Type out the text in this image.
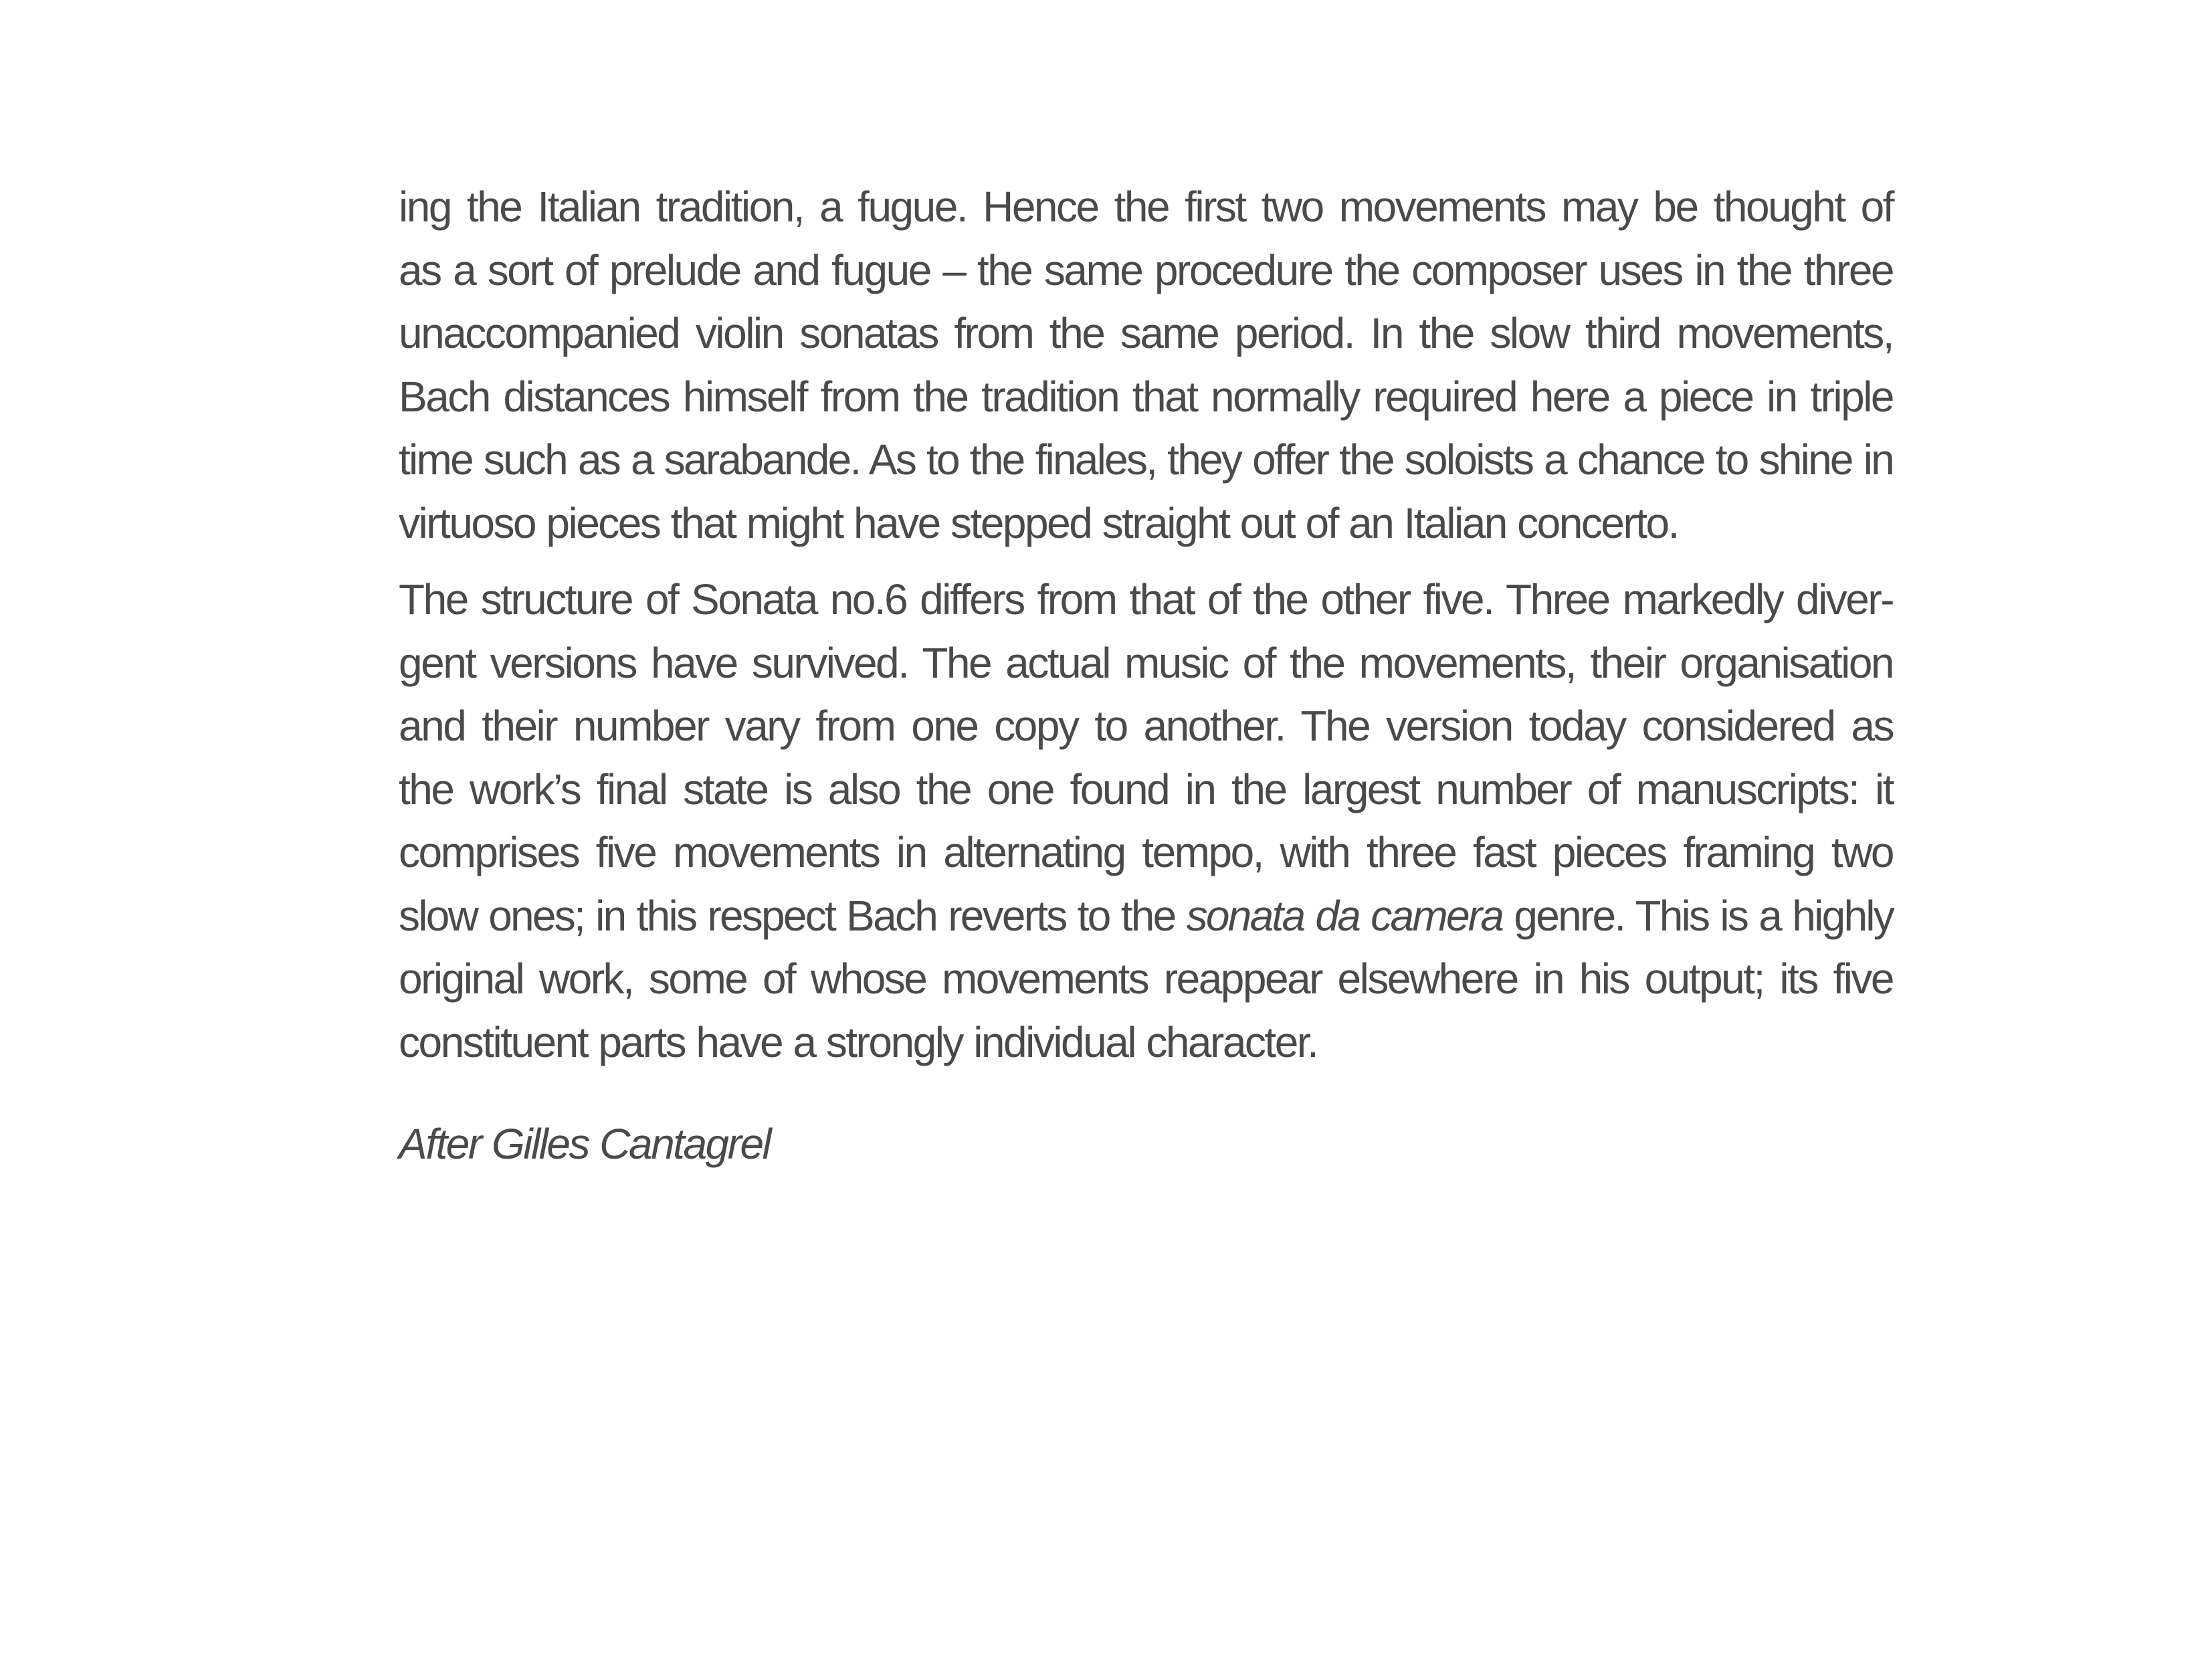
ing the Italian tradition, a fugue. Hence the first two movements may be thought of
as a sort of prelude and fugue – the same procedure the composer uses in the three
unaccompanied violin sonatas from the same period. In the slow third movements,
Bach distances himself from the tradition that normally required here a piece in triple
time such as a sarabande. As to the finales, they offer the soloists a chance to shine in
virtuoso pieces that might have stepped straight out of an Italian concerto.

The structure of Sonata no.6 differs from that of the other five. Three markedly diver-
gent versions have survived. The actual music of the movements, their organisation
and their number vary from one copy to another. The version today considered as
the work’s final state is also the one found in the largest number of manuscripts: it
comprises five movements in alternating tempo, with three fast pieces framing two
slow ones; in this respect Bach reverts to the sonata da camera genre. This is a highly
original work, some of whose movements reappear elsewhere in his output; its five
constituent parts have a strongly individual character.

After Gilles Cantagrel
